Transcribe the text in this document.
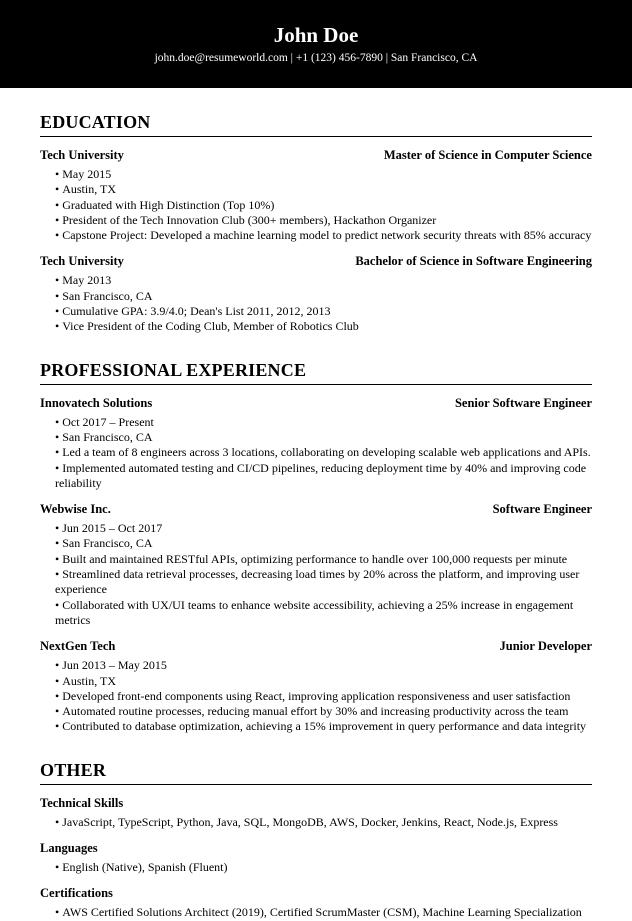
John Doe
john.doe@resumeworld.com | +1 (123) 456-7890 | San Francisco, CA
EDUCATION
Tech University	Master of Science in Computer Science
• May 2015
• Austin, TX
• Graduated with High Distinction (Top 10%)
• President of the Tech Innovation Club (300+ members), Hackathon Organizer
• Capstone Project: Developed a machine learning model to predict network security threats with 85% accuracy
Tech University	Bachelor of Science in Software Engineering
• May 2013
• San Francisco, CA
• Cumulative GPA: 3.9/4.0; Dean's List 2011, 2012, 2013
• Vice President of the Coding Club, Member of Robotics Club
PROFESSIONAL EXPERIENCE
Innovatech Solutions	Senior Software Engineer
• Oct 2017 – Present
• San Francisco, CA
• Led a team of 8 engineers across 3 locations, collaborating on developing scalable web applications and APIs.
• Implemented automated testing and CI/CD pipelines, reducing deployment time by 40% and improving code reliability
Webwise Inc.	Software Engineer
• Jun 2015 – Oct 2017
• San Francisco, CA
• Built and maintained RESTful APIs, optimizing performance to handle over 100,000 requests per minute
• Streamlined data retrieval processes, decreasing load times by 20% across the platform, and improving user experience
• Collaborated with UX/UI teams to enhance website accessibility, achieving a 25% increase in engagement metrics
NextGen Tech	Junior Developer
• Jun 2013 – May 2015
• Austin, TX
• Developed front-end components using React, improving application responsiveness and user satisfaction
• Automated routine processes, reducing manual effort by 30% and increasing productivity across the team
• Contributed to database optimization, achieving a 15% improvement in query performance and data integrity
OTHER
Technical Skills
• JavaScript, TypeScript, Python, Java, SQL, MongoDB, AWS, Docker, Jenkins, React, Node.js, Express
Languages
• English (Native), Spanish (Fluent)
Certifications
• AWS Certified Solutions Architect (2019), Certified ScrumMaster (CSM), Machine Learning Specialization
